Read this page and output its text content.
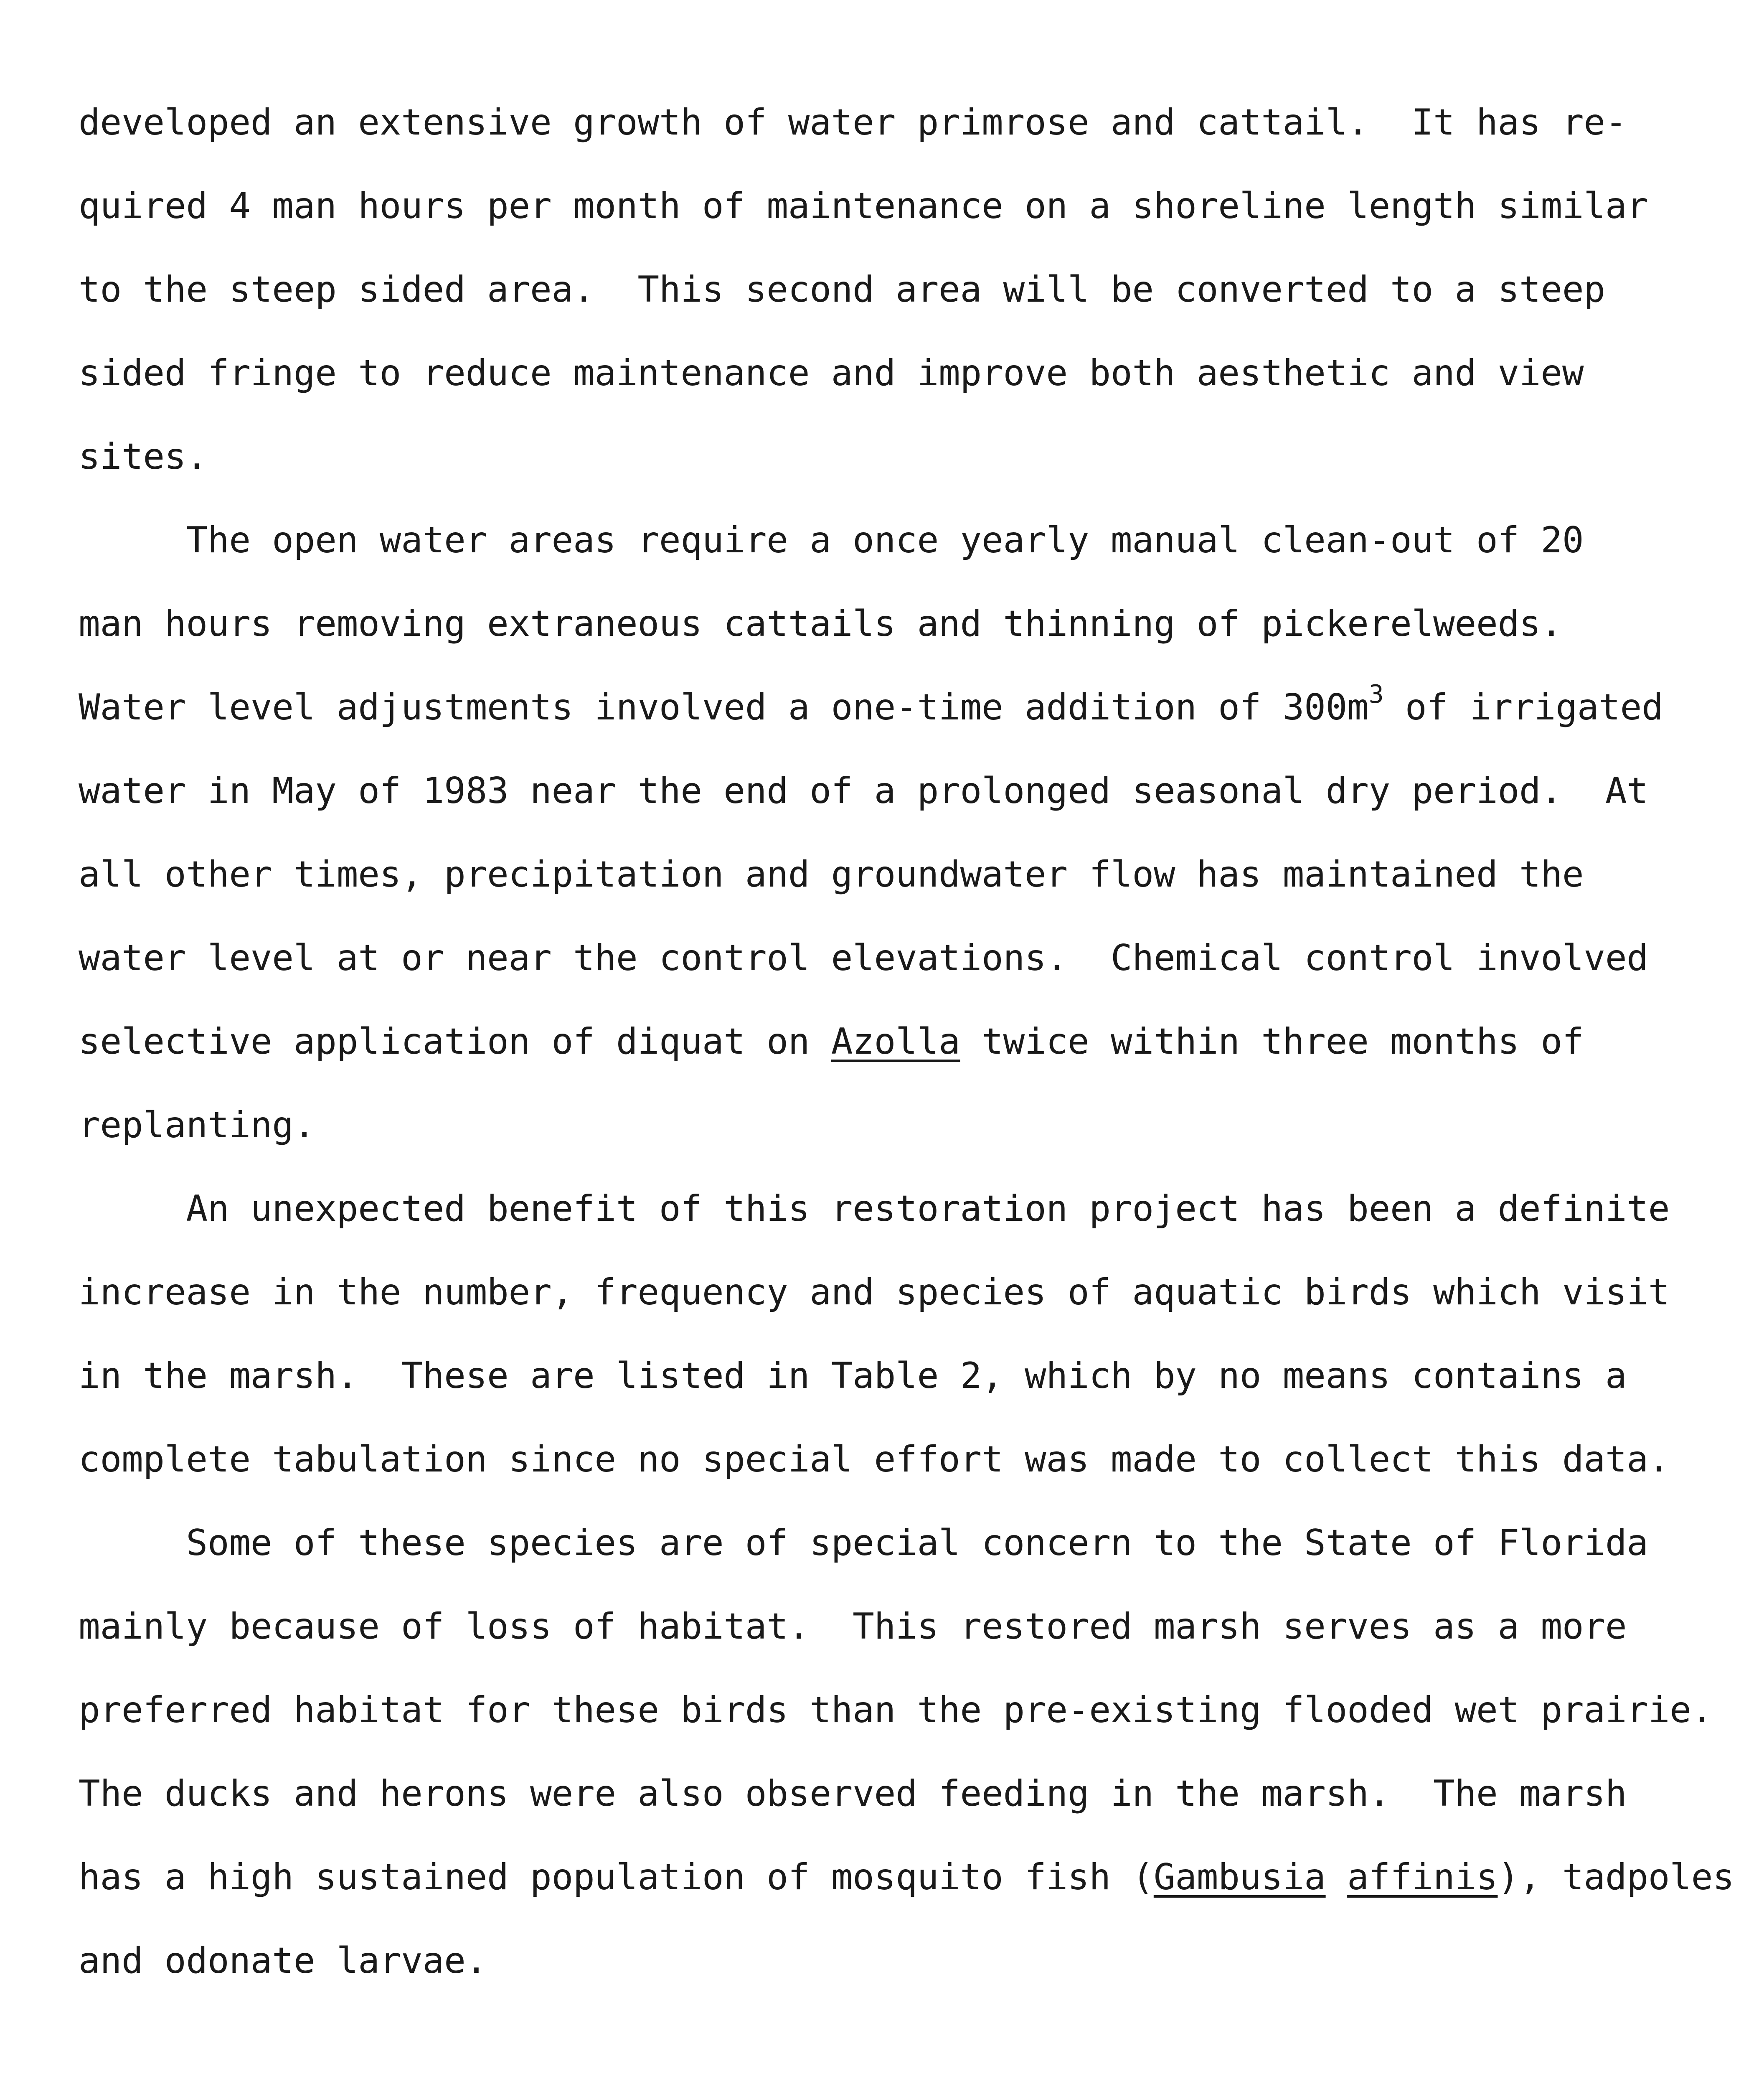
developed an extensive growth of water primrose and cattail.  It has re-
quired 4 man hours per month of maintenance on a shoreline length similar
to the steep sided area.  This second area will be converted to a steep
sided fringe to reduce maintenance and improve both aesthetic and view
sites.
The open water areas require a once yearly manual clean-out of 20
man hours removing extraneous cattails and thinning of pickerelweeds.
Water level adjustments involved a one-time addition of $300m^3$ of irrigated
water in May of 1983 near the end of a prolonged seasonal dry period.  At
all other times, precipitation and groundwater flow has maintained the
water level at or near the control elevations.  Chemical control involved
selective application of diquat on Azolla twice within three months of
replanting.
An unexpected benefit of this restoration project has been a definite
increase in the number, frequency and species of aquatic birds which visit
in the marsh.  These are listed in Table 2, which by no means contains a
complete tabulation since no special effort was made to collect this data.
Some of these species are of special concern to the State of Florida
mainly because of loss of habitat.  This restored marsh serves as a more
preferred habitat for these birds than the pre-existing flooded wet prairie.
The ducks and herons were also observed feeding in the marsh.  The marsh
has a high sustained population of mosquito fish (Gambusia affinis), tadpoles
and odonate larvae.
